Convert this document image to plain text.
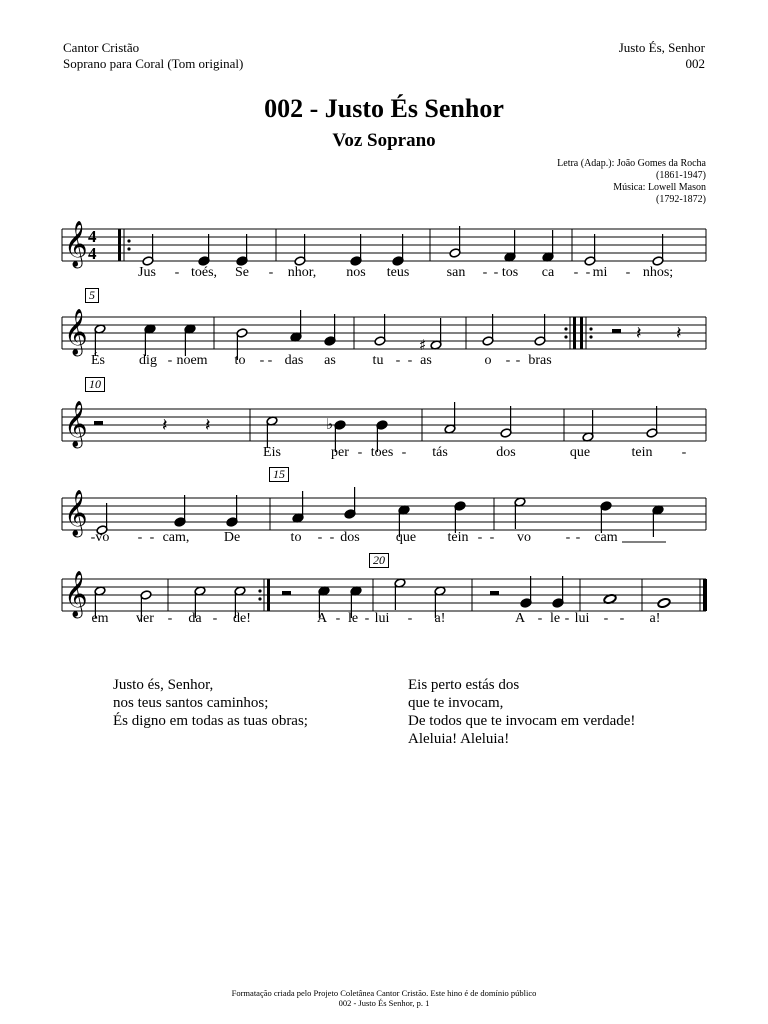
Cantor Cristão
Soprano para Coral (Tom original)
Justo És, Senhor
002
002 - Justo És Senhor
Voz Soprano
Letra (Adap.): João Gomes da Rocha
(1861-1947)
Música: Lowell Mason
(1792-1872)
𝄞 4
4
𝄞	♯
𝄽 𝄽
5
𝄞	𝄽 𝄽	♭
10
𝄞
15
𝄞
20
Jus - toés, Se - nhor, nos teus	san - - tos ca - - mi - nhos;
És dig - noem to - - das as	tu - - as	o - - bras
Eis	per - toes - tás	dos	que	tein -
-vo - - cam, De	to - - dos	que tein - - vo - - cam
em ver - da - de!	A - le - lui - a!	A - le - lui - - a!
Justo és, Senhor,
nos teus santos caminhos;
És digno em todas as tuas obras;
Eis perto estás dos
que te invocam,
De todos que te invocam em verdade!
Aleluia! Aleluia!
Formatação criada pelo Projeto Coletânea Cantor Cristão. Este hino é de domínio público
002 - Justo És Senhor, p. 1
